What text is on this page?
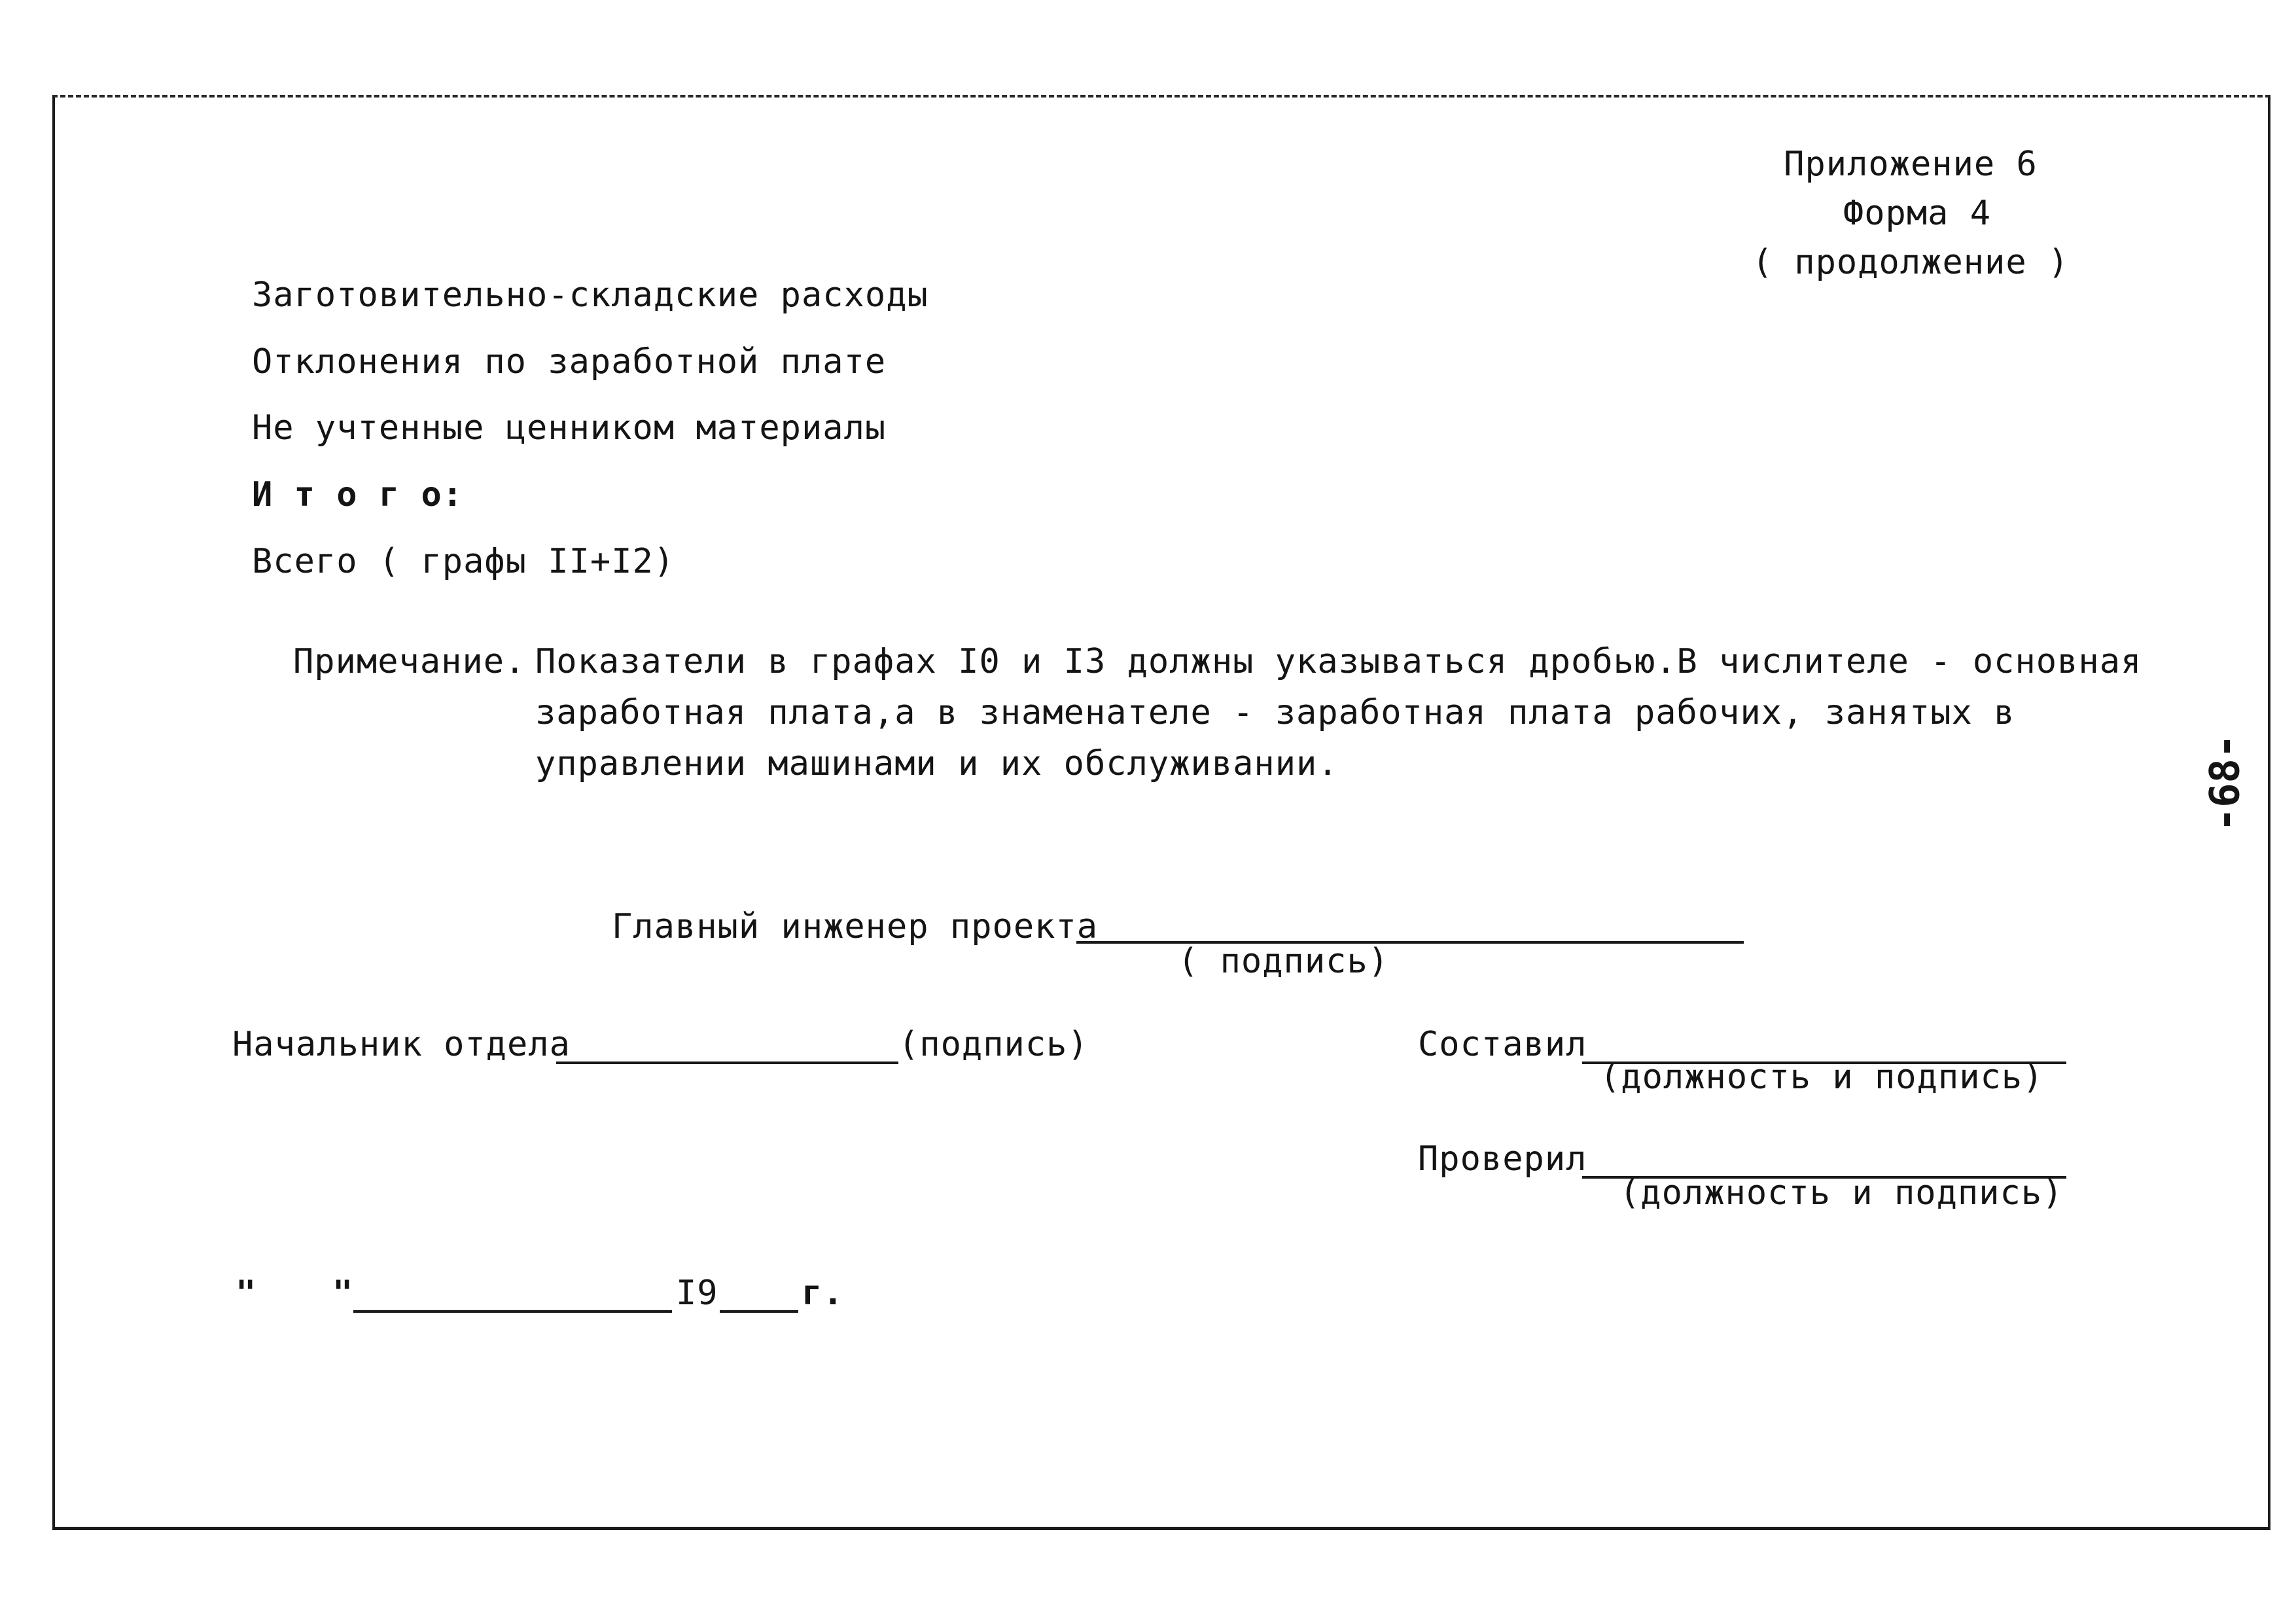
Приложение 6
Форма 4
( продолжение )
Заготовительно-складские расходы
Отклонения по заработной плате
Не учтенные ценником материалы
И т о г о:
Всего ( графы II+I2)
Примечание. Показатели в графах I0 и I3 должны указываться дробью.В числителе - основная
заработная плата,а в знаменателе - заработная плата рабочих, занятых в
управлении машинами и их обслуживании.
Главный инженер проекта
( подпись)
Начальник отдела	(подпись)	Составил
(должность и подпись)
Проверил
(должность и подпись)
" "	I9 г.
-68-
